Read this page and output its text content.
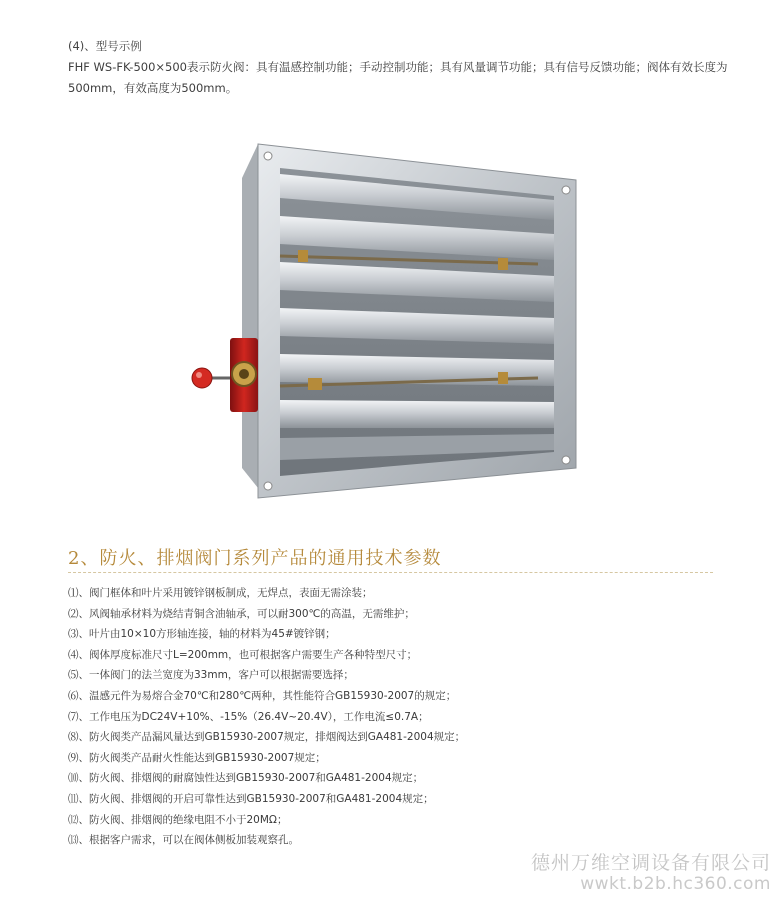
(4)、型号示例
FHF WS-FK-500×500表示防火阀：具有温感控制功能；手动控制功能；具有风量调节功能；具有信号反馈功能；阀体有效长度为500mm，有效高度为500mm。
2、防火、排烟阀门系列产品的通用技术参数
⑴、阀门框体和叶片采用镀锌钢板制成，无焊点，表面无需涂装；
⑵、风阀轴承材料为烧结青铜含油轴承，可以耐300℃的高温，无需维护；
⑶、叶片由10×10方形轴连接，轴的材料为45#镀锌钢；
⑷、阀体厚度标准尺寸L=200mm，也可根据客户需要生产各种特型尺寸；
⑸、一体阀门的法兰宽度为33mm，客户可以根据需要选择；
⑹、温感元件为易熔合金70℃和280℃两种，其性能符合GB15930-2007的规定；
⑺、工作电压为DC24V+10%、-15%（26.4V~20.4V），工作电流≤0.7A；
⑻、防火阀类产品漏风量达到GB15930-2007规定，排烟阀达到GA481-2004规定；
⑼、防火阀类产品耐火性能达到GB15930-2007规定；
⑽、防火阀、排烟阀的耐腐蚀性达到GB15930-2007和GA481-2004规定；
⑾、防火阀、排烟阀的开启可靠性达到GB15930-2007和GA481-2004规定；
⑿、防火阀、排烟阀的绝缘电阻不小于20MΩ；
⒀、根据客户需求，可以在阀体侧板加装观察孔。
德州万维空调设备有限公司
wwkt.b2b.hc360.com
